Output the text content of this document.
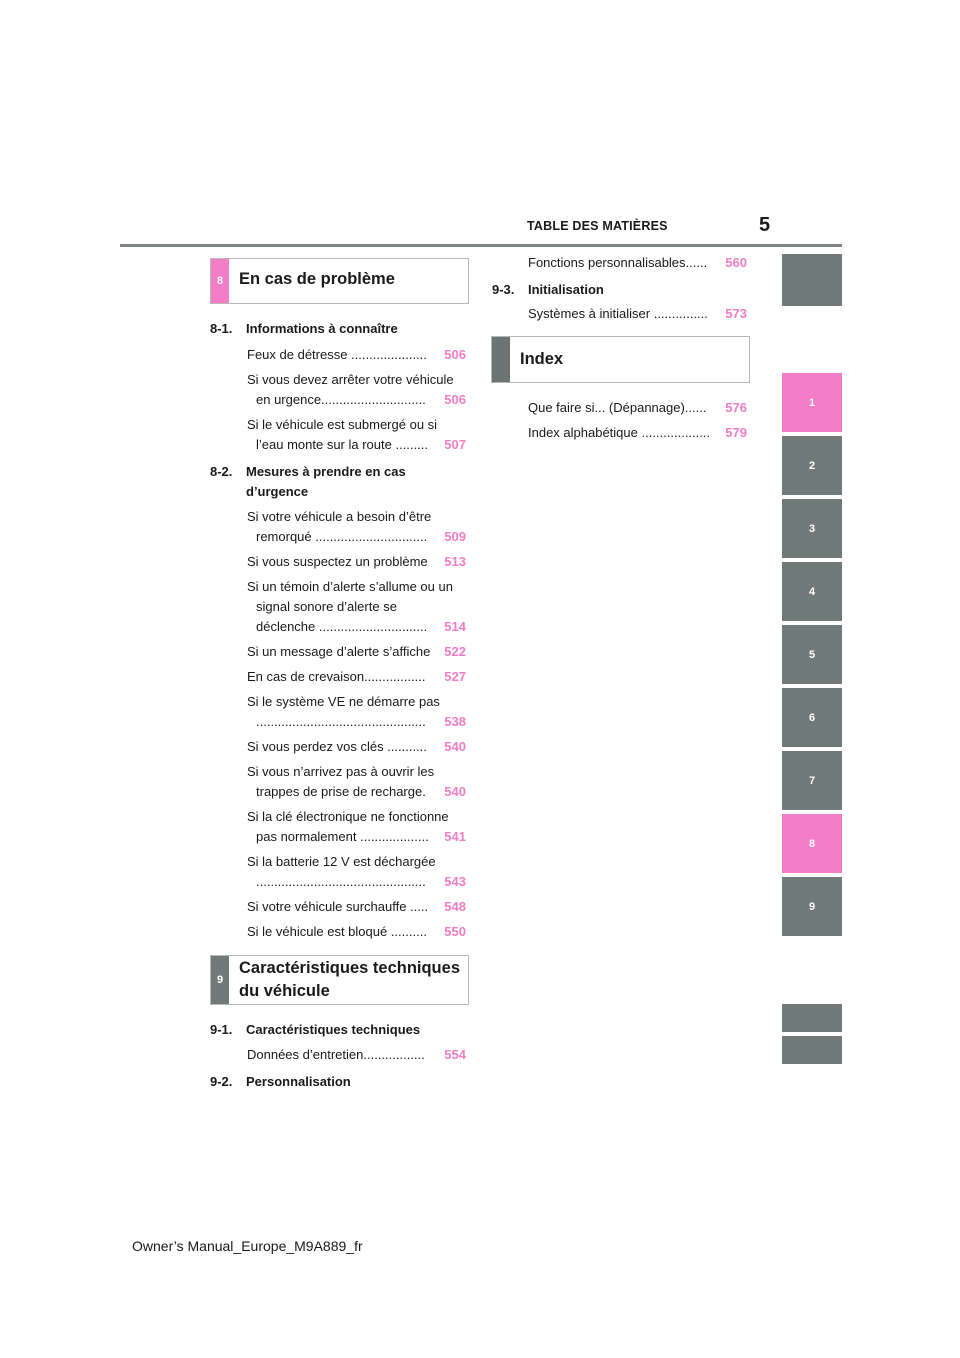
TABLE DES MATIÈRES	5
1
2
3
4
5
6
7
8
9
8 En cas de problème
8-1. Informations à connaître
Feux de détresse .....................	506
Si vous devez arrêter votre véhicule
en urgence.............................	506
Si le véhicule est submergé ou si
l’eau monte sur la route .........	507
8-2. Mesures à prendre en cas
d’urgence
Si votre véhicule a besoin d’être
remorqué ...............................	509
Si vous suspectez un problème	513
Si un témoin d’alerte s’allume ou un
signal sonore d’alerte se
déclenche ..............................	514
Si un message d’alerte s’affiche	522
En cas de crevaison.................	527
Si le système VE ne démarre pas
...............................................	538
Si vous perdez vos clés ...........	540
Si vous n’arrivez pas à ouvrir les
trappes de prise de recharge.	540
Si la clé électronique ne fonctionne
pas normalement ...................	541
Si la batterie 12 V est déchargée
...............................................	543
Si votre véhicule surchauffe .....	548
Si le véhicule est bloqué ..........	550
9
Caractéristiques techniques
du véhicule
9-1. Caractéristiques techniques
Données d’entretien.................	554
9-2. Personnalisation
Fonctions personnalisables......	560
9-3. Initialisation
Systèmes à initialiser ...............	573
Index
Que faire si... (Dépannage)......	576
Index alphabétique ...................	579
Owner’s Manual_Europe_M9A889_fr
